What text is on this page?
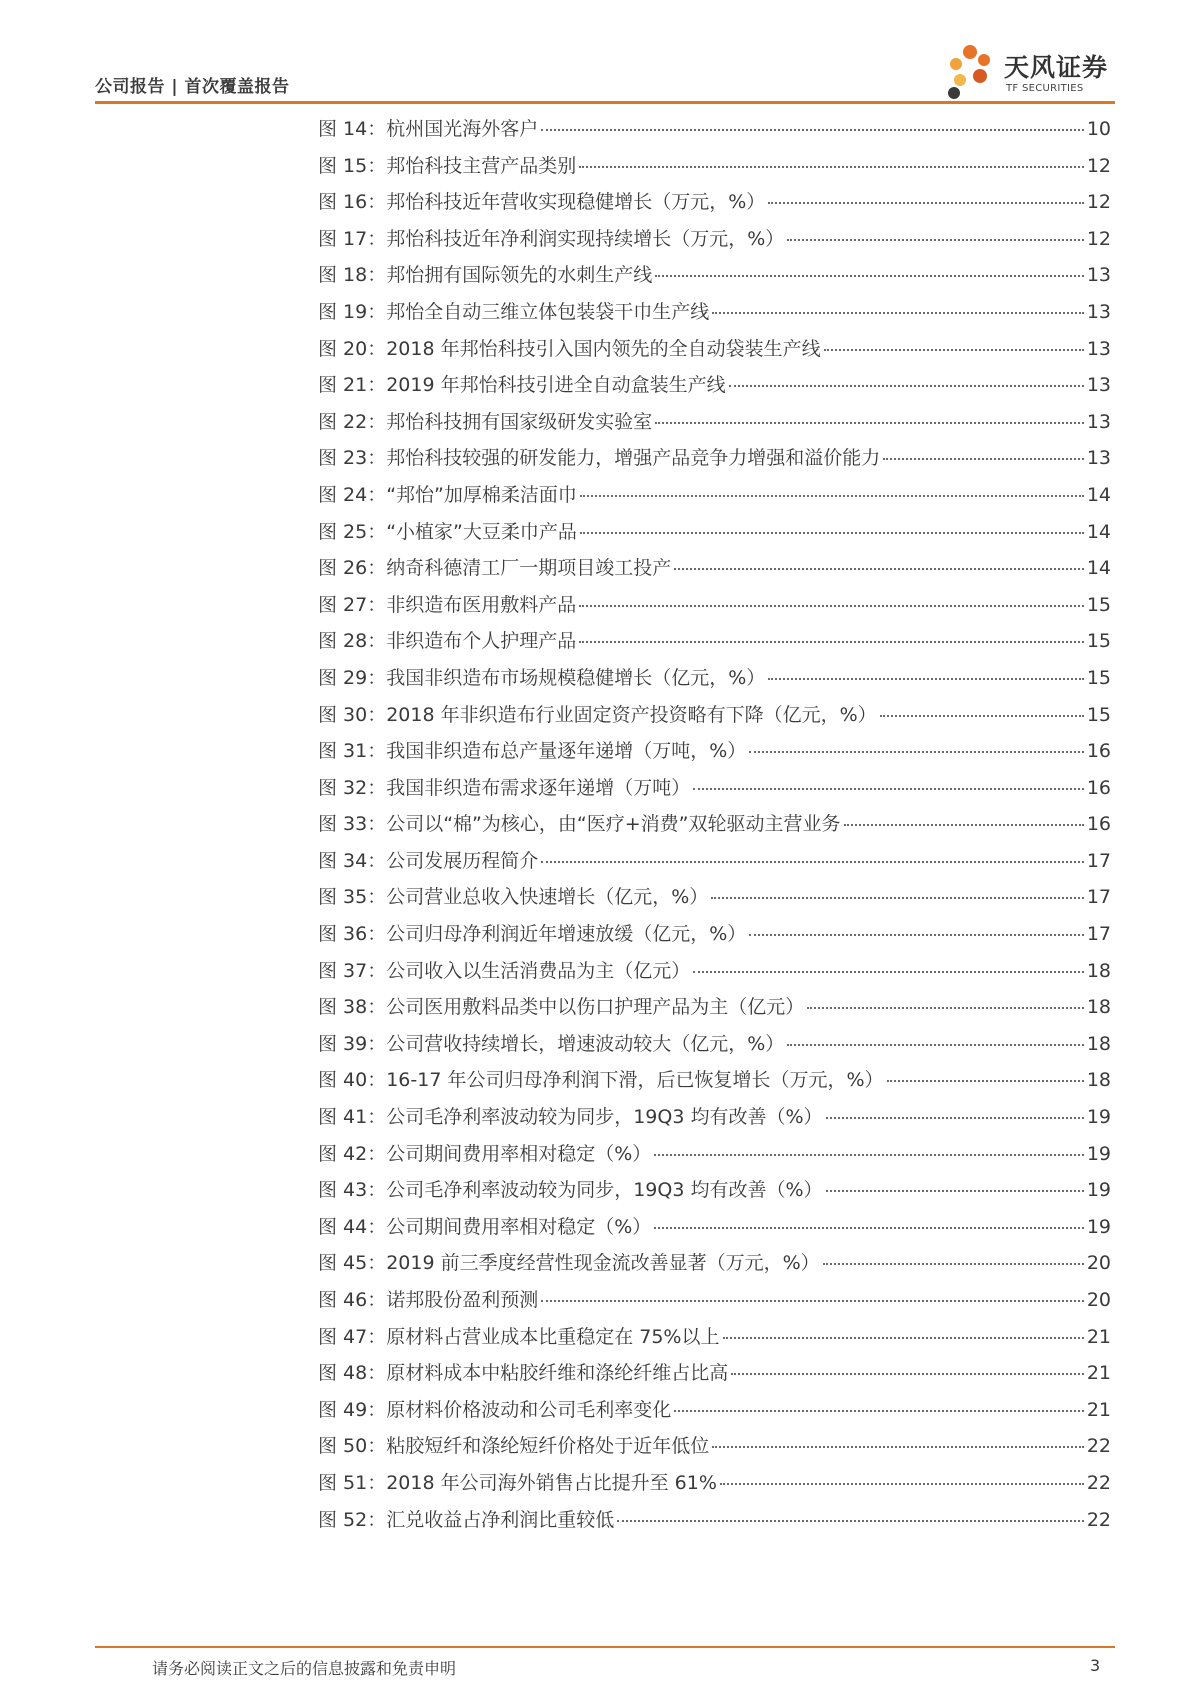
公司报告 | 首次覆盖报告
天风证券
TF SECURITIES
图 14：杭州国光海外客户	10
图 15：邦怡科技主营产品类别	12
图 16：邦怡科技近年营收实现稳健增长（万元，%）	12
图 17：邦怡科技近年净利润实现持续增长（万元，%）	12
图 18：邦怡拥有国际领先的水刺生产线	13
图 19：邦怡全自动三维立体包装袋干巾生产线	13
图 20：2018 年邦怡科技引入国内领先的全自动袋装生产线	13
图 21：2019 年邦怡科技引进全自动盒装生产线	13
图 22：邦怡科技拥有国家级研发实验室	13
图 23：邦怡科技较强的研发能力，增强产品竞争力增强和溢价能力	13
图 24：“邦怡”加厚棉柔洁面巾	14
图 25：“小植家”大豆柔巾产品	14
图 26：纳奇科德清工厂一期项目竣工投产	14
图 27：非织造布医用敷料产品	15
图 28：非织造布个人护理产品	15
图 29：我国非织造布市场规模稳健增长（亿元，%）	15
图 30：2018 年非织造布行业固定资产投资略有下降（亿元，%）	15
图 31：我国非织造布总产量逐年递增（万吨，%）	16
图 32：我国非织造布需求逐年递增（万吨）	16
图 33：公司以“棉”为核心，由“医疗+消费”双轮驱动主营业务	16
图 34：公司发展历程简介	17
图 35：公司营业总收入快速增长（亿元，%）	17
图 36：公司归母净利润近年增速放缓（亿元，%）	17
图 37：公司收入以生活消费品为主（亿元）	18
图 38：公司医用敷料品类中以伤口护理产品为主（亿元）	18
图 39：公司营收持续增长，增速波动较大（亿元，%）	18
图 40：16-17 年公司归母净利润下滑，后已恢复增长（万元，%）	18
图 41：公司毛净利率波动较为同步，19Q3 均有改善（%）	19
图 42：公司期间费用率相对稳定（%）	19
图 43：公司毛净利率波动较为同步，19Q3 均有改善（%）	19
图 44：公司期间费用率相对稳定（%）	19
图 45：2019 前三季度经营性现金流改善显著（万元，%）	20
图 46：诺邦股份盈利预测	20
图 47：原材料占营业成本比重稳定在 75%以上	21
图 48：原材料成本中粘胶纤维和涤纶纤维占比高	21
图 49：原材料价格波动和公司毛利率变化	21
图 50：粘胶短纤和涤纶短纤价格处于近年低位	22
图 51：2018 年公司海外销售占比提升至 61%	22
图 52：汇兑收益占净利润比重较低	22
请务必阅读正文之后的信息披露和免责申明	3
